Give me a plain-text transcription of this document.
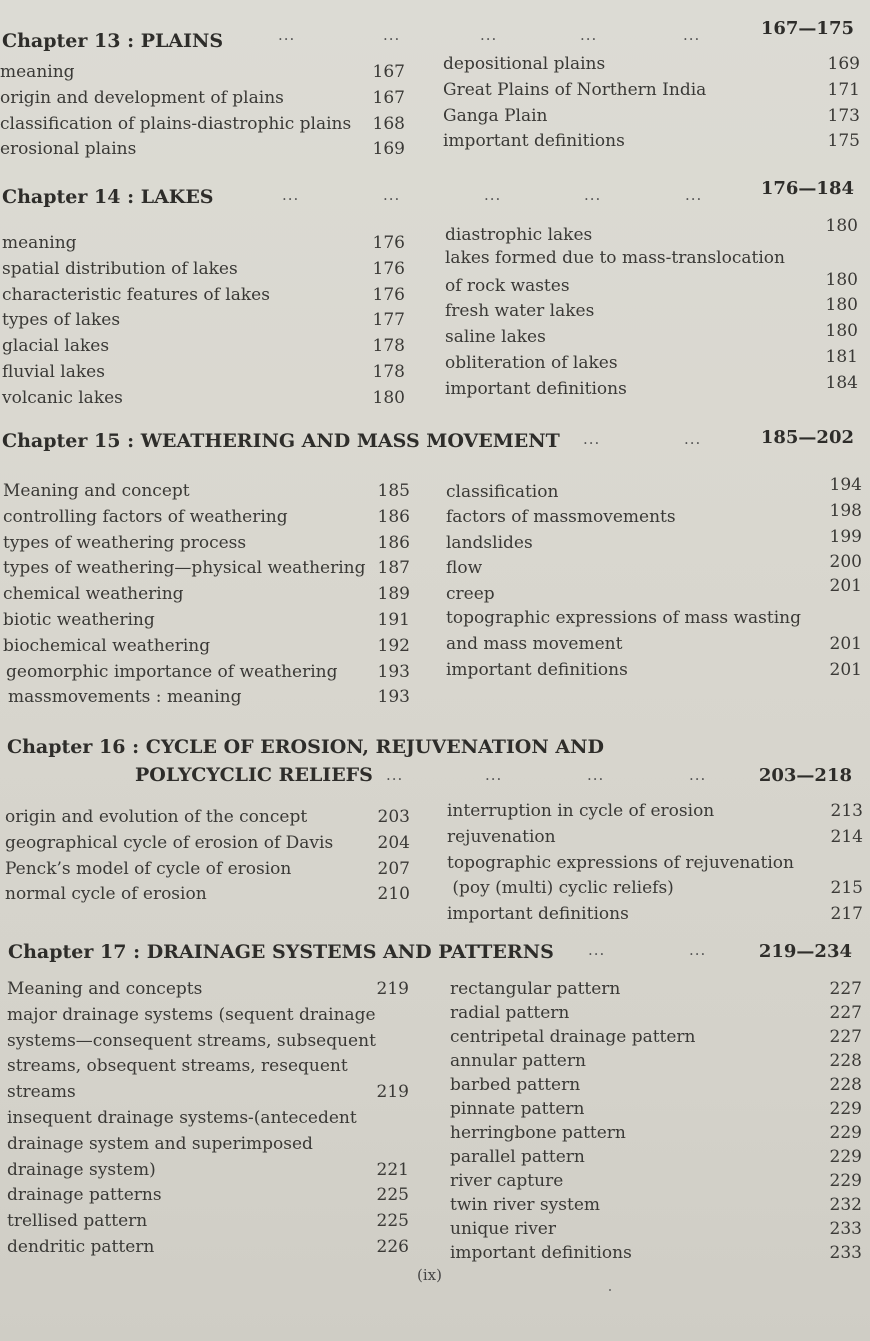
Chapter 13 : PLAINS	...	...	...	...	...	167—175
meaning	167
origin and development of plains	167
classification of plains-diastrophic plains 168
erosional plains	169
depositional plains	169
Great Plains of Northern India	171
Ganga Plain	173
important definitions	175
Chapter 14 : LAKES	...	...	...	...	...	176—184
meaning	176
spatial distribution of lakes	176
characteristic features of lakes	176
types of lakes	177
glacial lakes	178
fluvial lakes	178
volcanic lakes	180
diastrophic lakes	180
lakes formed due to mass-translocation
of rock wastes	180
fresh water lakes	180
saline lakes	180
obliteration of lakes	181
important definitions	184
Chapter 15 : WEATHERING AND MASS MOVEMENT ...	...	185—202
Meaning and concept	185
controlling factors of weathering	186
types of weathering process	186
types of weathering—physical weathering 187
chemical weathering	189
biotic weathering	191
biochemical weathering	192
geomorphic importance of weathering 193
massmovements : meaning	193
classification	194
factors of massmovements	198
landslides	199
flow	200
creep	201
topographic expressions of mass wasting
and mass movement	201
important definitions	201
Chapter 16 : CYCLE OF EROSION, REJUVENATION AND
POLYCYCLIC RELIEFS ...	...	...	...	203—218
origin and evolution of the concept	203
geographical cycle of erosion of Davis	204
Penck’s model of cycle of erosion	207
normal cycle of erosion	210
interruption in cycle of erosion	213
rejuvenation	214
topographic expressions of rejuvenation
(poy (multi) cyclic reliefs)	215
important definitions	217
Chapter 17 : DRAINAGE SYSTEMS AND PATTERNS ...	...	219—234
Meaning and concepts	219
major drainage systems (sequent drainage
systems—consequent streams, subsequent
streams, obsequent streams, resequent
streams	219
insequent drainage systems-(antecedent
drainage system and superimposed
drainage system)	221
drainage patterns	225
trellised pattern	225
dendritic pattern	226
rectangular pattern	227
radial pattern	227
centripetal drainage pattern	227
annular pattern	228
barbed pattern	228
pinnate pattern	229
herringbone pattern	229
parallel pattern	229
river capture	229
twin river system	232
unique river	233
important definitions	233
(ix)
